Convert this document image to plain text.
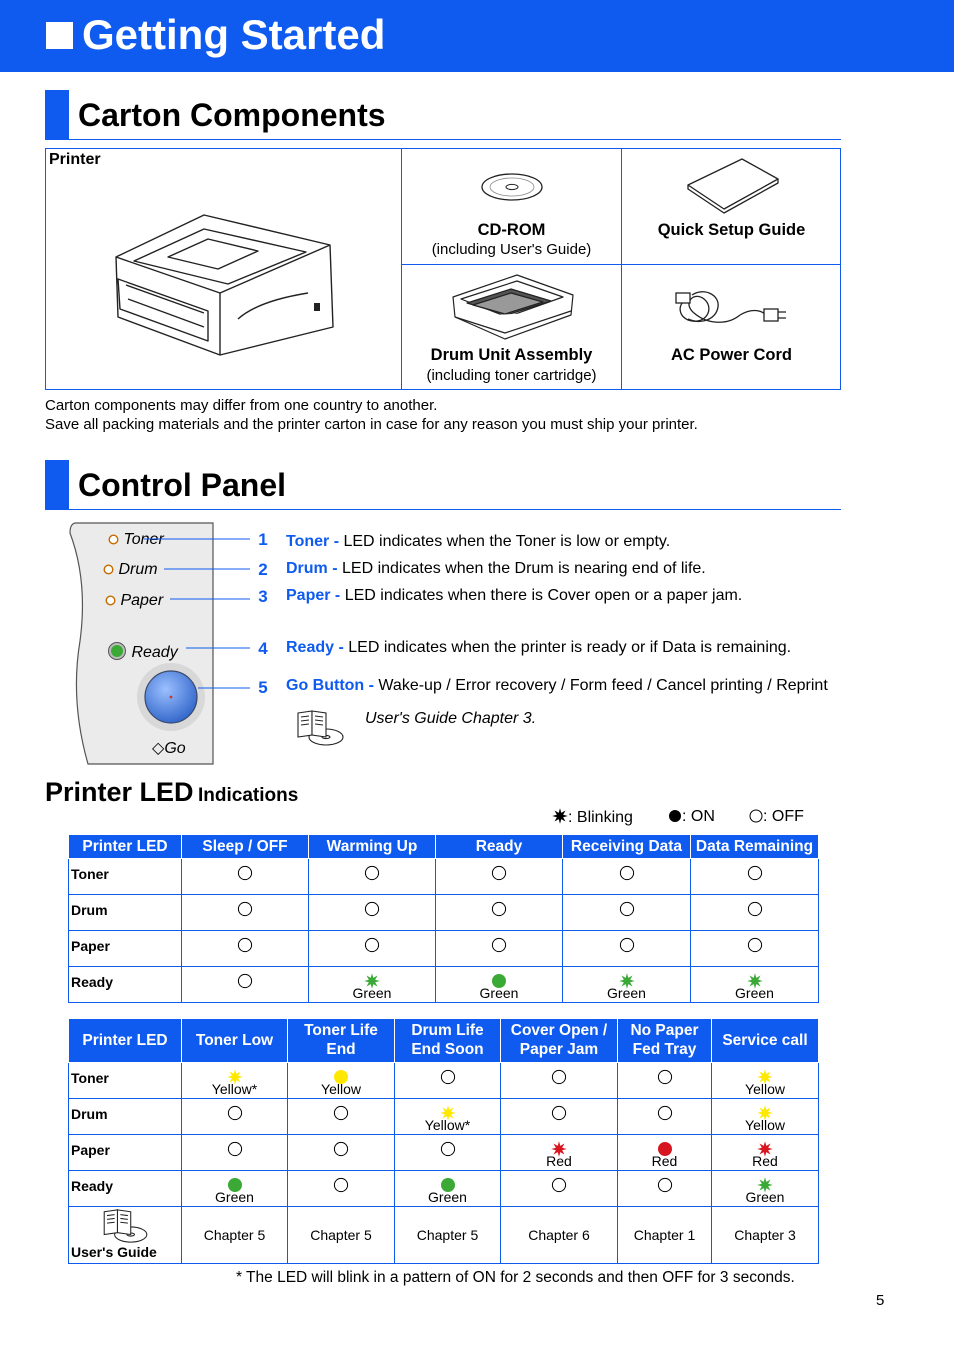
Getting Started
Carton Components
Printer
CD-ROM
(including User's Guide)
Quick Setup Guide
Drum Unit Assembly
(including toner cartridge)
AC Power Cord
Carton components may differ from one country to another.
Save all packing materials and the printer carton in case for any reason you must ship your printer.
Control Panel
Toner
Drum
Paper
Ready
◇Go
1
2
3
4
5
Toner - LED indicates when the Toner is low or empty.
Drum - LED indicates when the Drum is nearing end of life.
Paper - LED indicates when there is Cover open or a paper jam.
Ready - LED indicates when the printer is ready or if Data is remaining.
Go Button - Wake-up / Error recovery / Form feed / Cancel printing / Reprint
User's Guide Chapter 3.
Printer LED Indications
: Blinking	: ON	: OFF
Printer LED	Sleep / OFF	Warming Up	Ready	Receiving Data	Data Remaining
Toner	

Drum	

Paper	

Ready		Green	Green	Green	Green
Printer LED	Toner Low	Toner Life End	Drum Life End Soon	Cover Open / Paper Jam	No Paper Fed Tray	Service call
Toner	Yellow*	Yellow				Yellow

Drum			Yellow*			Yellow

Paper				Red	Red	Red

Ready	Green		Green			Green

User's Guide	Chapter 5	Chapter 5	Chapter 5	Chapter 6	Chapter 1	Chapter 3
* The LED will blink in a pattern of ON for 2 seconds and then OFF for 3 seconds.
5
